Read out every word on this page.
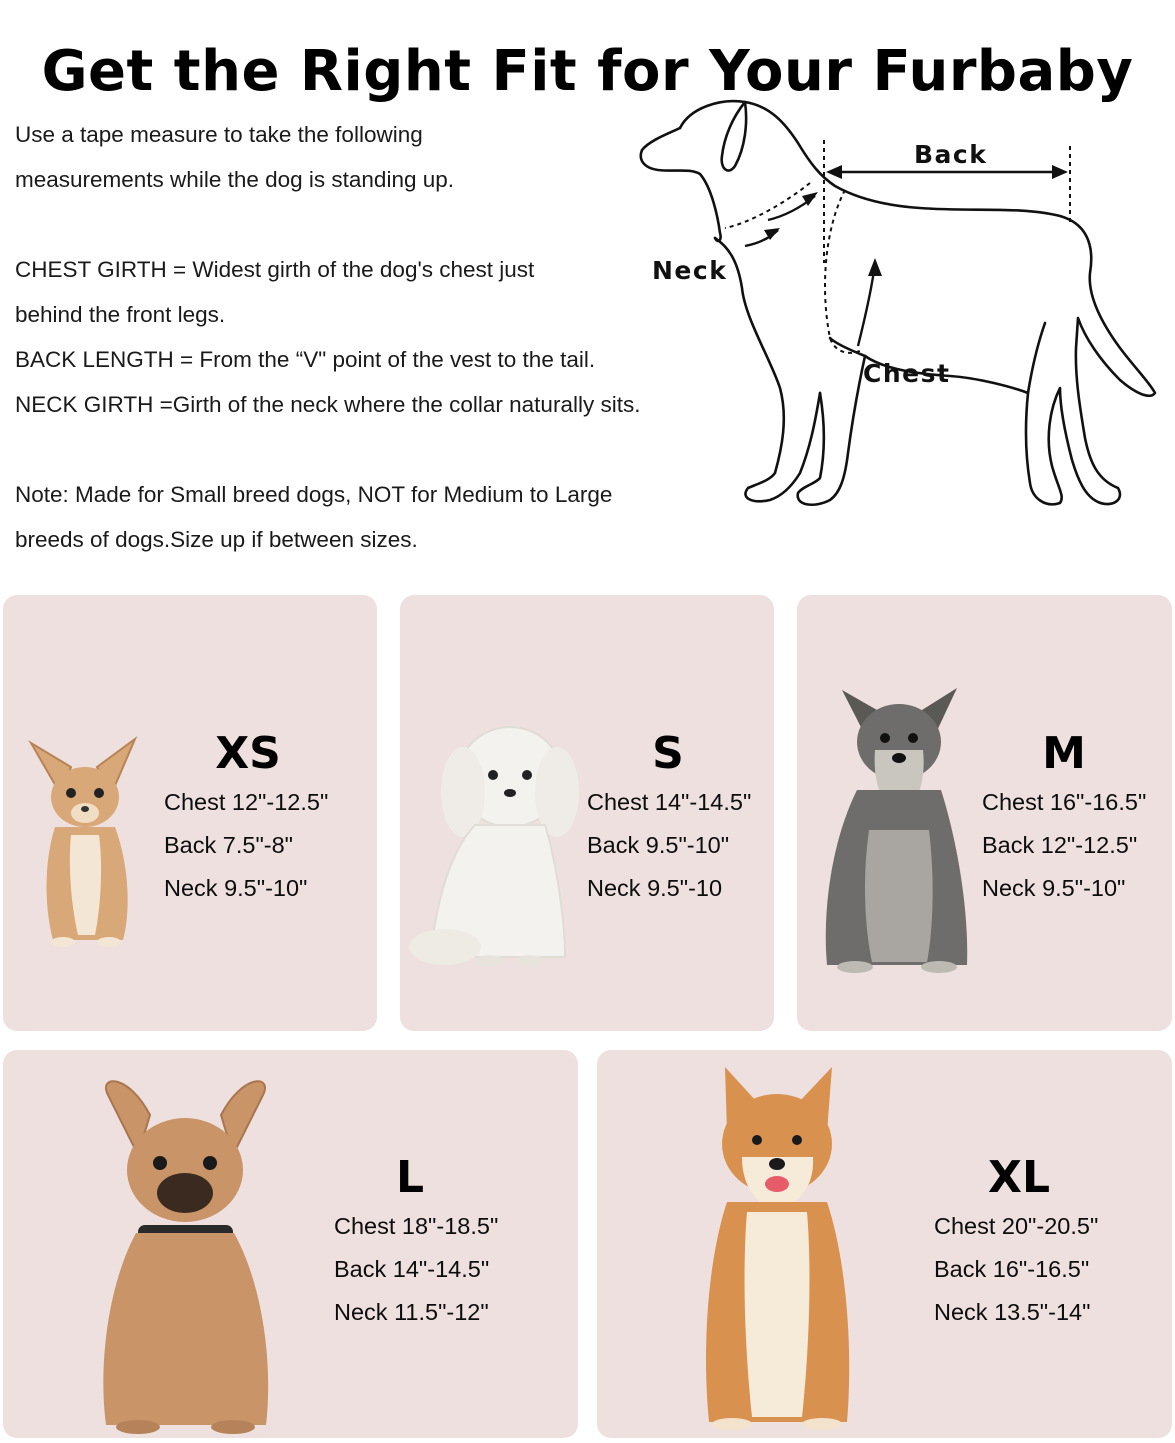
Get the Right Fit for Your Furbaby

Use a tape measure to take the following

measurements while the dog is standing up.

CHEST GIRTH = Widest girth of the dog's chest just

behind the front legs.

BACK LENGTH = From the “V" point of the vest to the tail.

NECK GIRTH =Girth of the neck where the collar naturally sits.

Note: Made for Small breed dogs, NOT for Medium to Large

breeds of dogs.Size up if between sizes.

Back
Neck
Chest
XS
Chest 12"-12.5"
Back 7.5"-8"
Neck 9.5"-10"
S
Chest 14"-14.5"
Back 9.5"-10"
Neck 9.5"-10
M
Chest 16"-16.5"
Back 12"-12.5"
Neck 9.5"-10"
L
Chest 18"-18.5"
Back 14"-14.5"
Neck 11.5"-12"
XL
Chest 20"-20.5"
Back 16"-16.5"
Neck 13.5"-14"
